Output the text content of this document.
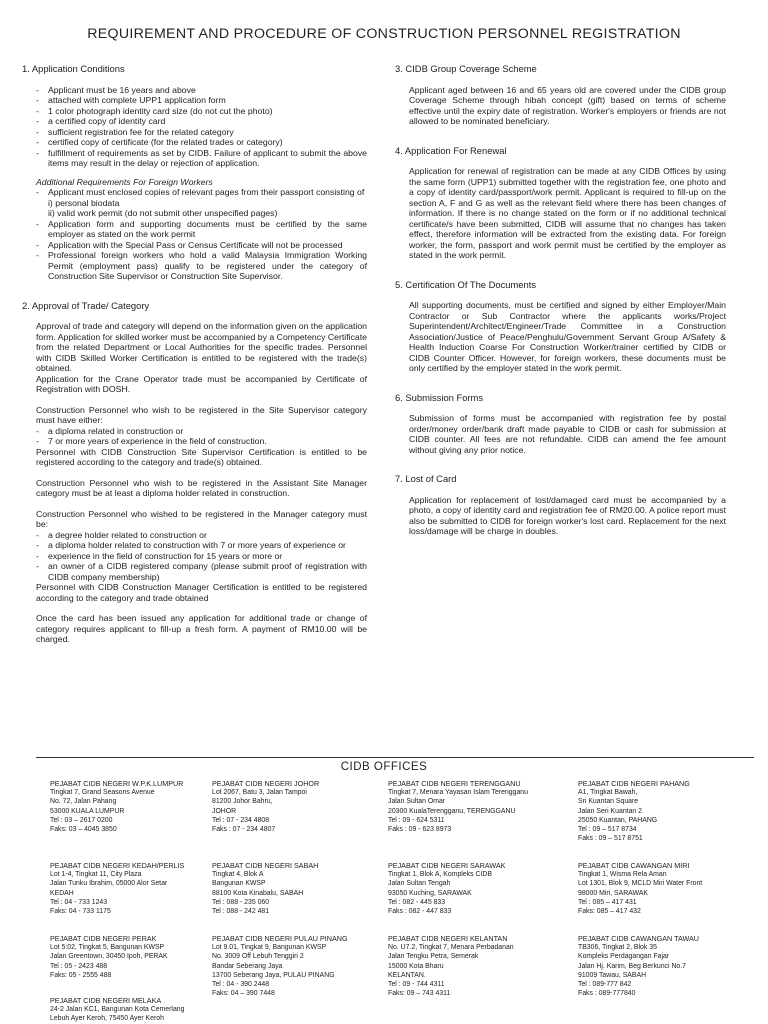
REQUIREMENT AND PROCEDURE OF CONSTRUCTION PERSONNEL REGISTRATION
1. Application Conditions
- Applicant must be 16 years and above
- attached with complete UPP1 application form
- 1 color photograph identity card size (do not cut the photo)
- a certified copy of identity card
- sufficient registration fee for the related category
- certified copy of certificate (for the related trades or category)
- fulfillment of requirements as set by CIDB. Failure of applicant to submit the above items may result in the delay or rejection of application.
Additional Requirements For Foreign Workers
- Applicant must enclosed copies of relevant pages from their passport consisting of
i) personal biodata
ii) valid work permit (do not submit other unspecified pages)
- Application form and supporting documents must be certified by the same employer as stated on the work permit
- Application with the Special Pass or Census Certificate will not be processed
- Professional foreign workers who hold a valid Malaysia Immigration Working Permit (employment pass) qualify to be registered under the category of Construction Site Supervisor or Construction Site Supervisor.
2. Approval of Trade/ Category

Approval of trade and category will depend on the information given on the application form. Application for skilled worker must be accompanied by a Competency Certificate from the related Department or Local Authorities for the specific trades. Personnel with CIDB Skilled Worker Certification is entitled to be registered with the trade(s) obtained.

Application for the Crane Operator trade must be accompanied by Certificate of Registration with DOSH.

Construction Personnel who wish to be registered in the Site Supervisor category must have either:

- a diploma related in construction or
- 7 or more years of experience in the field of construction.

Personnel with CIDB Construction Site Supervisor Certification is entitled to be registered according to the category and trade(s) obtained.

Construction Personnel who wish to be registered in the Assistant Site Manager category must be at least a diploma holder related in construction.

Construction Personnel who wished to be registered in the Manager category must be:

- a degree holder related to construction or
- a diploma holder related to construction with 7 or more years of experience or
- experience in the field of construction for 15 years or more or
- an owner of a CIDB registered company (please submit proof of registration with CIDB company membership)

Personnel with CIDB Construction Manager Certification is entitled to be registered according to the category and trade obtained

Once the card has been issued any application for additional trade or change of category requires applicant to fill-up a fresh form. A payment of RM10.00 will be charged.

3. CIDB Group Coverage Scheme

Applicant aged between 16 and 65 years old are covered under the CIDB group Coverage Scheme through hibah concept (gift) based on terms of scheme effective until the expiry date of registration. Worker's employers or friends are not allowed to be nominated beneficiary.

4. Application For Renewal

Application for renewal of registration can be made at any CIDB Offices by using the same form (UPP1) submitted together with the registration fee, one photo and a copy of identity card/passport/work permit. Applicant is required to fill-up on the section A, F and G as well as the relevant field where there has been changes of information. If there is no change stated on the form or if no additional technical certificate/s have been submitted, CIDB will assume that no changes has taken effect, therefore information will be extracted from the existing data. For foreign worker, the form, passport and work permit must be certified by the employer as stated in the work permit.

5. Certification Of The Documents

All supporting documents, must be certified and signed by either Employer/Main Contractor or Sub Contractor where the applicants works/Project Superintendent/Architect/Engineer/Trade Committee in a Construction Association/Justice of Peace/Penghulu/Government Servant Group A/Safety & Health Induction Coarse For Construction Worker/trainer certified by CIDB or CIDB Counter Officer. However, for foreign workers, these documents must be only certified by the employer stated in the work permit.

6. Submission Forms

Submission of forms must be accompanied with registration fee by postal order/money order/bank draft made payable to CIDB or cash for submission at CIDB counter. All fees are not refundable. CIDB can amend the fee amount without giving any prior notice.

7. Lost of Card

Application for replacement of lost/damaged card must be accompanied by a photo, a copy of identity card and registration fee of RM20.00. A police report must also be submitted to CIDB for foreign worker's lost card. Replacement for the next loss/damage will be charge in doubles.

CIDB OFFICES
PEJABAT CIDB NEGERI W.P.K.LUMPUR
Tingkat 7, Grand Seasons Avenue
No. 72, Jalan Pahang
53000 KUALA LUMPUR
Tel : 03 – 2617 0200
Faks: 03 – 4045 3850
PEJABAT CIDB NEGERI JOHOR
Lot 2067, Batu 3, Jalan Tampoi
81200 Johor Bahru,
JOHOR
Tel : 07 - 234 4808
Faks : 07 - 234 4807
PEJABAT CIDB NEGERI TERENGGANU
Tingkat 7, Menara Yayasan Islam Terengganu
Jalan Sultan Omar
20300 KualaTerengganu, TERENGGANU
Tel : 09 - 624 5311
Faks : 09 - 623 8973
PEJABAT CIDB NEGERI PAHANG
A1, Tingkat Bawah,
Sri Kuantan Square
Jalan Seri Kuantan 2
25050 Kuantan, PAHANG
Tel : 09 – 517 8734
Faks : 09 – 517 8751
PEJABAT CIDB NEGERI KEDAH/PERLIS
Lot 1-4, Tingkat 11, City Plaza
Jalan Tunku Ibrahim, 05000 Alor Setar
KEDAH
Tel : 04 - 733 1243
Faks: 04 - 733 1175
PEJABAT CIDB NEGERI SABAH
Tingkat 4, Blok A
Bangunan KWSP
88100 Kota Kinabalu, SABAH
Tel : 088 - 235 060
Tel : 088 - 242 481
PEJABAT CIDB NEGERI SARAWAK
Tingkat 1, Blok A, Kompleks CIDB
Jalan Sultan Tengah
93050 Kuching, SARAWAK
Tel : 082 - 445 833
Faks : 082 - 447 833
PEJABAT CIDB CAWANGAN MIRI
Tingkat 1, Wisma Rela Aman
Lot 1301, Blok 9, MCLD Miri Water Front
98000 Miri, SARAWAK
Tel : 085 – 417 431
Faks: 085 – 417 432
PEJABAT CIDB NEGERI PERAK
Lot 5:02, Tingkat 5, Bangunan KWSP
Jalan Greentown, 30450 Ipoh, PERAK
Tel : 05 - 2423 488
Faks: 05 - 2555 488
PEJABAT CIDB NEGERI PULAU PINANG
Lot 9.01, Tingkat 9, Bangunan KWSP
No. 3009 Off Lebuh Tenggiri 2
Bandar Seberang Jaya
13700 Seberang Jaya, PULAU PINANG
Tel : 04 - 390 2448
Faks: 04 – 390 7448
PEJABAT CIDB NEGERI KELANTAN
No. U7.2, Tingkat 7, Menara Perbadanan
Jalan Tengku Petra, Semerak
15000 Kota Bharu
KELANTAN.
Tel : 09 - 744 4311
Faks: 09 – 743 4311
PEJABAT CIDB CAWANGAN TAWAU
TB306, Tingkat 2, Blok 35
Kompleks Perdagangan Fajar
Jalan Hj. Karim, Beg Berkunci No.7
91009 Tawau, SABAH
Tel : 089-777 842
Faks : 089-777840
PEJABAT CIDB NEGERI MELAKA
24-2 Jalan KC1, Bangunan Kota Cemerlang
Lebuh Ayer Keroh, 75450 Ayer Keroh
